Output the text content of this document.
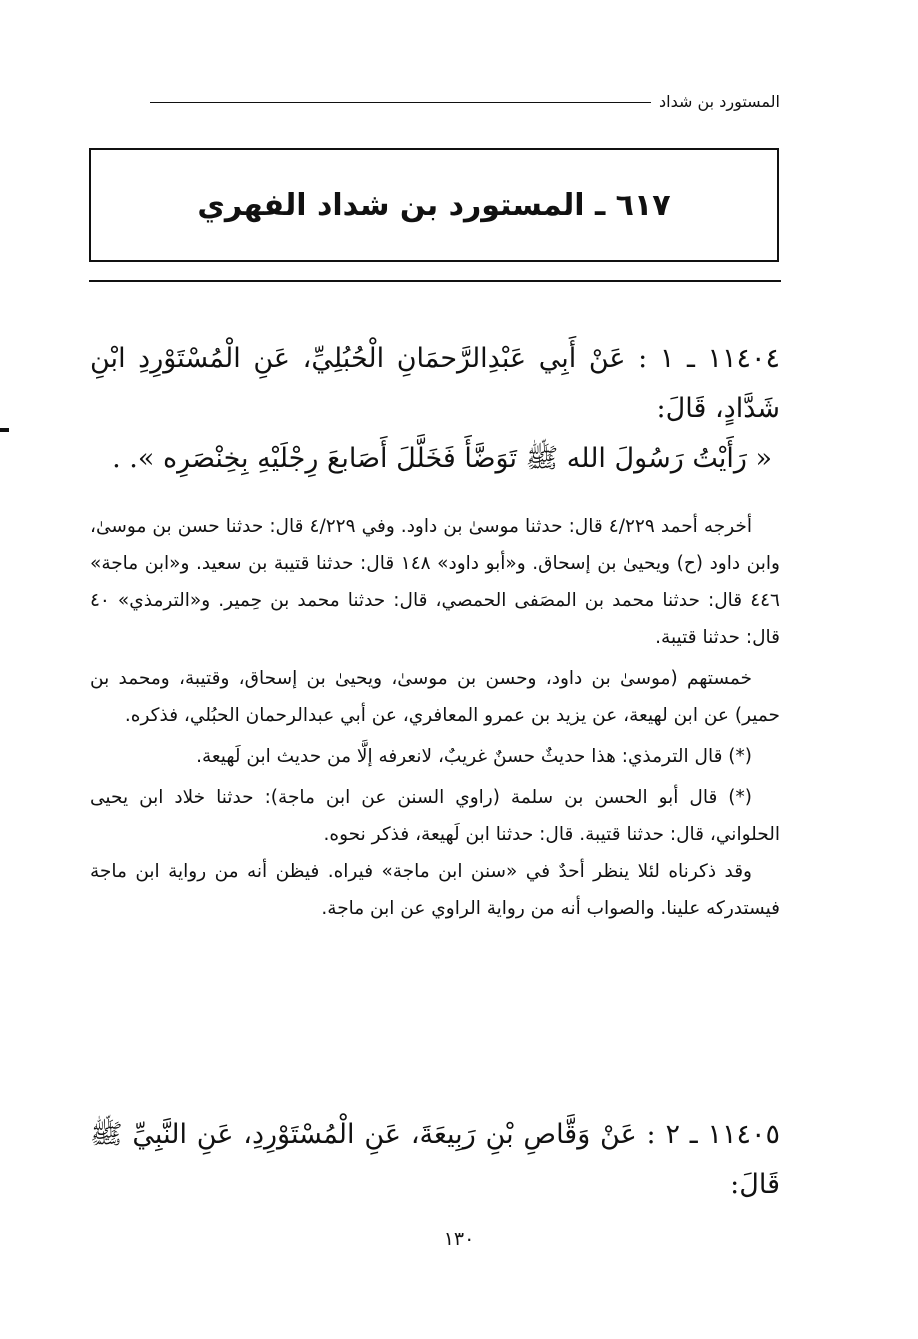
المستورد بن شداد
٦١٧ ـ المستورد بن شداد الفهري
١١٤٠٤ ـ ١ : عَنْ أَبِي عَبْدِالرَّحمَانِ الْحُبُلِيِّ، عَنِ الْمُسْتَوْرِدِ ابْنِ شَدَّادٍ، قَالَ:
« رَأَيْتُ رَسُولَ الله ﷺ تَوَضَّأَ فَخَلَّلَ أَصَابعَ رِجْلَيْهِ بِخِنْصَرِه ». .

أخرجه أحمد ٤/٢٢٩ قال: حدثنا موسىٰ بن داود. وفي ٤/٢٢٩ قال: حدثنا حسن بن موسىٰ، وابن داود (ح) ويحيىٰ بن إسحاق. و«أبو داود» ١٤٨ قال: حدثنا قتيبة بن سعيد. و«ابن ماجة» ٤٤٦ قال: حدثنا محمد بن المصَفى الحمصي، قال: حدثنا محمد بن حِمير. و«الترمذي» ٤٠ قال: حدثنا قتيبة.

خمستهم (موسىٰ بن داود، وحسن بن موسىٰ، ويحيىٰ بن إسحاق، وقتيبة، ومحمد بن حمير) عن ابن لهيعة، عن يزيد بن عمرو المعافري، عن أبي عبدالرحمان الحبُلي، فذكره.

(*) قال الترمذي: هذا حديثٌ حسنٌ غريبٌ، لانعرفه إلَّا من حديث ابن لَهيعة.

(*) قال أبو الحسن بن سلمة (راوي السنن عن ابن ماجة): حدثنا خلاد ابن يحيى الحلواني، قال: حدثنا قتيبة. قال: حدثنا ابن لَهيعة، فذكر نحوه.

وقد ذكرناه لئلا ينظر أحدٌ في «سنن ابن ماجة» فيراه. فيظن أنه من رواية ابن ماجة فيستدركه علينا. والصواب أنه من رواية الراوي عن ابن ماجة.

١١٤٠٥ ـ ٢ : عَنْ وَقَّاصِ بْنِ رَبِيعَةَ، عَنِ الْمُسْتَوْرِدِ، عَنِ النَّبِيِّ ﷺ قَالَ:
١٣٠
